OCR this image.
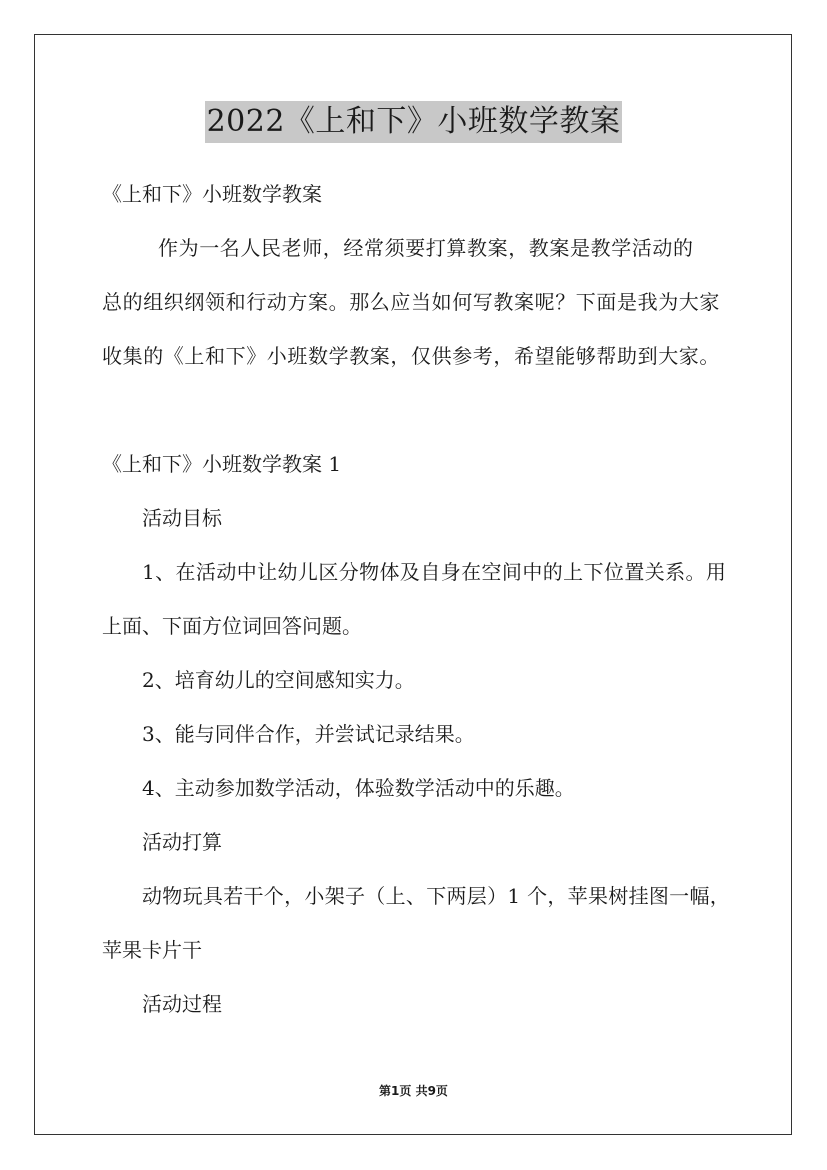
2022《上和下》小班数学教案
《上和下》小班数学教案
作为一名人民老师，经常须要打算教案，教案是教学活动的
总的组织纲领和行动方案。那么应当如何写教案呢？下面是我为大家
收集的《上和下》小班数学教案，仅供参考，希望能够帮助到大家。
《上和下》小班数学教案 1
活动目标
1、在活动中让幼儿区分物体及自身在空间中的上下位置关系。用
上面、下面方位词回答问题。
2、培育幼儿的空间感知实力。
3、能与同伴合作，并尝试记录结果。
4、主动参加数学活动，体验数学活动中的乐趣。
活动打算
动物玩具若干个，小架子（上、下两层）1 个，苹果树挂图一幅，
苹果卡片干
活动过程
第1页 共9页
